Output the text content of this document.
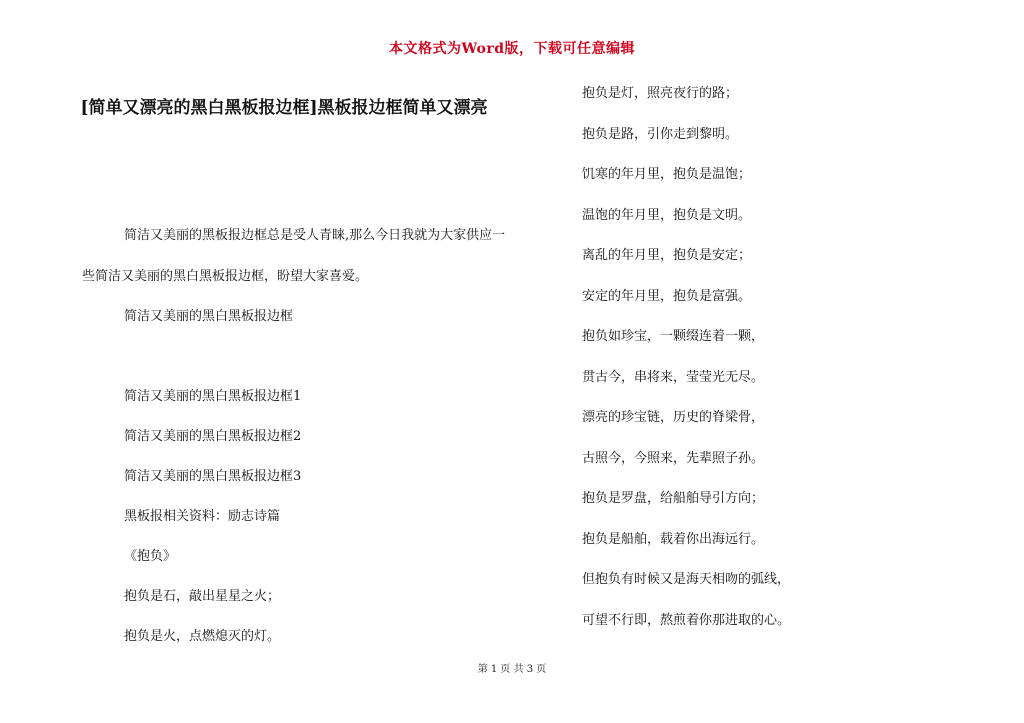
本文格式为Word版，下载可任意编辑
[简单又漂亮的黑白黑板报边框]黑板报边框简单又漂亮

简洁又美丽的黑板报边框总是受人青睐,那么今日我就为大家供应一些简洁又美丽的黑白黑板报边框，盼望大家喜爱。

简洁又美丽的黑白黑板报边框

简洁又美丽的黑白黑板报边框1

简洁又美丽的黑白黑板报边框2

简洁又美丽的黑白黑板报边框3

黑板报相关资料：励志诗篇

《抱负》

抱负是石，敲出星星之火；

抱负是火，点燃熄灭的灯。

抱负是灯，照亮夜行的路；

抱负是路，引你走到黎明。

饥寒的年月里，抱负是温饱；

温饱的年月里，抱负是文明。

离乱的年月里，抱负是安定；

安定的年月里，抱负是富强。

抱负如珍宝，一颗缀连着一颗，

贯古今，串将来，莹莹光无尽。

漂亮的珍宝链，历史的脊梁骨，

古照今，今照来，先辈照子孙。

抱负是罗盘，给船舶导引方向；

抱负是船舶，载着你出海远行。

但抱负有时候又是海天相吻的弧线，

可望不行即，熬煎着你那进取的心。

第 1 页 共 3 页
